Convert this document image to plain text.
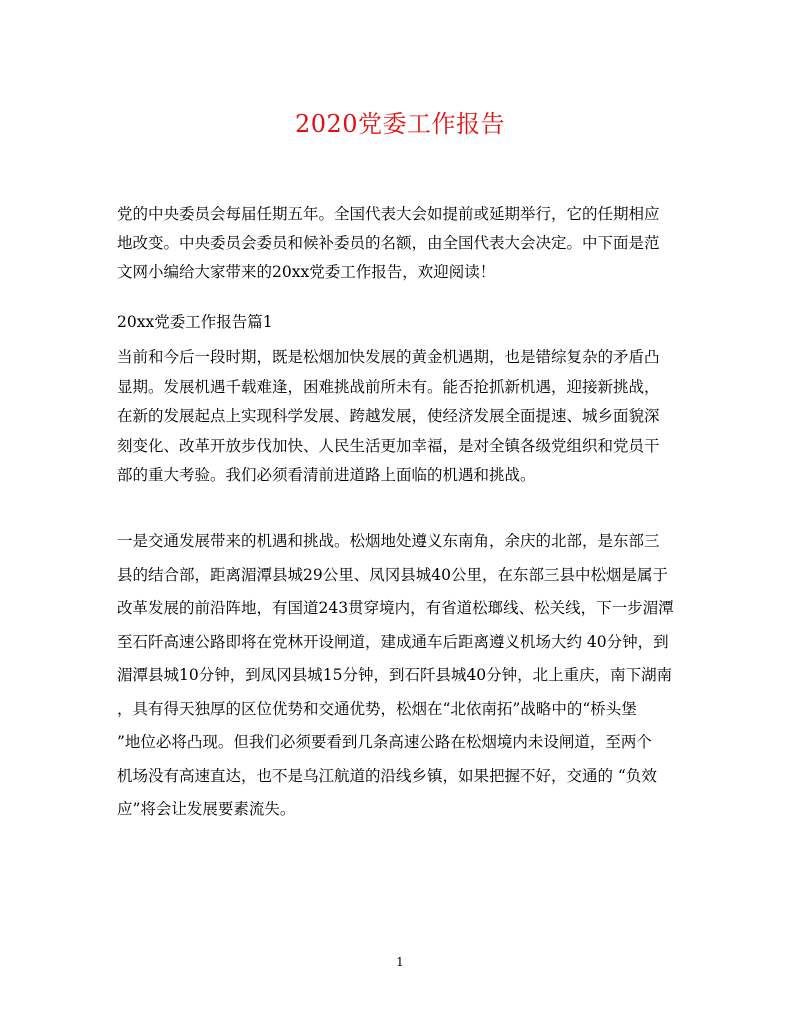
2020党委工作报告
党的中央委员会每届任期五年。全国代表大会如提前或延期举行，它的任期相应
地改变。中央委员会委员和候补委员的名额，由全国代表大会决定。中下面是范
文网小编给大家带来的20xx党委工作报告，欢迎阅读！
20xx党委工作报告篇1
当前和今后一段时期，既是松烟加快发展的黄金机遇期，也是错综复杂的矛盾凸
显期。发展机遇千载难逢，困难挑战前所未有。能否抢抓新机遇，迎接新挑战，
在新的发展起点上实现科学发展、跨越发展，使经济发展全面提速、城乡面貌深
刻变化、改革开放步伐加快、人民生活更加幸福，是对全镇各级党组织和党员干
部的重大考验。我们必须看清前进道路上面临的机遇和挑战。
一是交通发展带来的机遇和挑战。松烟地处遵义东南角，余庆的北部，是东部三
县的结合部，距离湄潭县城29公里、凤冈县城40公里，在东部三县中松烟是属于
改革发展的前沿阵地，有国道243贯穿境内，有省道松瑯线、松关线，下一步湄潭
至石阡高速公路即将在党林开设闸道，建成通车后距离遵义机场大约 40分钟，到
湄潭县城10分钟，到凤冈县城15分钟，到石阡县城40分钟，北上重庆，南下湖南
，具有得天独厚的区位优势和交通优势，松烟在“北依南拓”战略中的“桥头堡
”地位必将凸现。但我们必须要看到几条高速公路在松烟境内未设闸道，至两个
机场没有高速直达，也不是乌江航道的沿线乡镇，如果把握不好，交通的 “负效
应”将会让发展要素流失。
1
